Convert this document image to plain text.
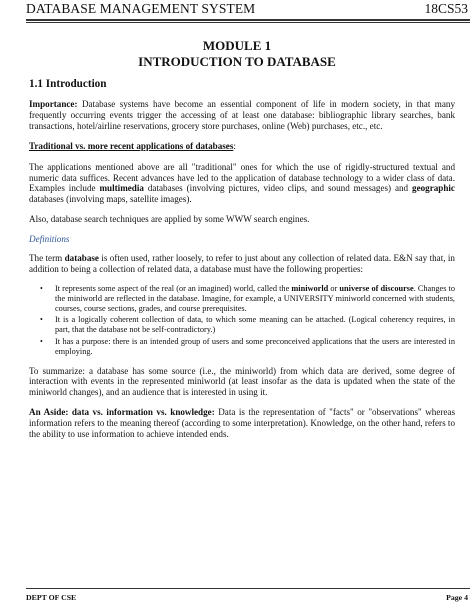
DATABASE MANAGEMENT SYSTEM	18CS53
MODULE 1
INTRODUCTION TO DATABASE
1.1 Introduction

Importance: Database systems have become an essential component of life in modern society, in that many frequently occurring events trigger the accessing of at least one database: bibliographic library searches, bank transactions, hotel/airline reservations, grocery store purchases, online (Web) purchases, etc., etc.

Traditional vs. more recent applications of databases:

The applications mentioned above are all "traditional" ones for which the use of rigidly-structured textual and numeric data suffices. Recent advances have led to the application of database technology to a wider class of data. Examples include multimedia databases (involving pictures, video clips, and sound messages) and geographic databases (involving maps, satellite images).

Also, database search techniques are applied by some WWW search engines.

Definitions

The term database is often used, rather loosely, to refer to just about any collection of related data. E&N say that, in addition to being a collection of related data, a database must have the following properties:

• It represents some aspect of the real (or an imagined) world, called the miniworld or universe of discourse. Changes to the miniworld are reflected in the database. Imagine, for example, a UNIVERSITY miniworld concerned with students, courses, course sections, grades, and course prerequisites.
• It is a logically coherent collection of data, to which some meaning can be attached. (Logical coherency requires, in part, that the database not be self-contradictory.)
• It has a purpose: there is an intended group of users and some preconceived applications that the users are interested in employing.

To summarize: a database has some source (i.e., the miniworld) from which data are derived, some degree of interaction with events in the represented miniworld (at least insofar as the data is updated when the state of the miniworld changes), and an audience that is interested in using it.

An Aside: data vs. information vs. knowledge: Data is the representation of "facts" or "observations" whereas information refers to the meaning thereof (according to some interpretation). Knowledge, on the other hand, refers to the ability to use information to achieve intended ends.

DEPT OF CSE	Page 4
